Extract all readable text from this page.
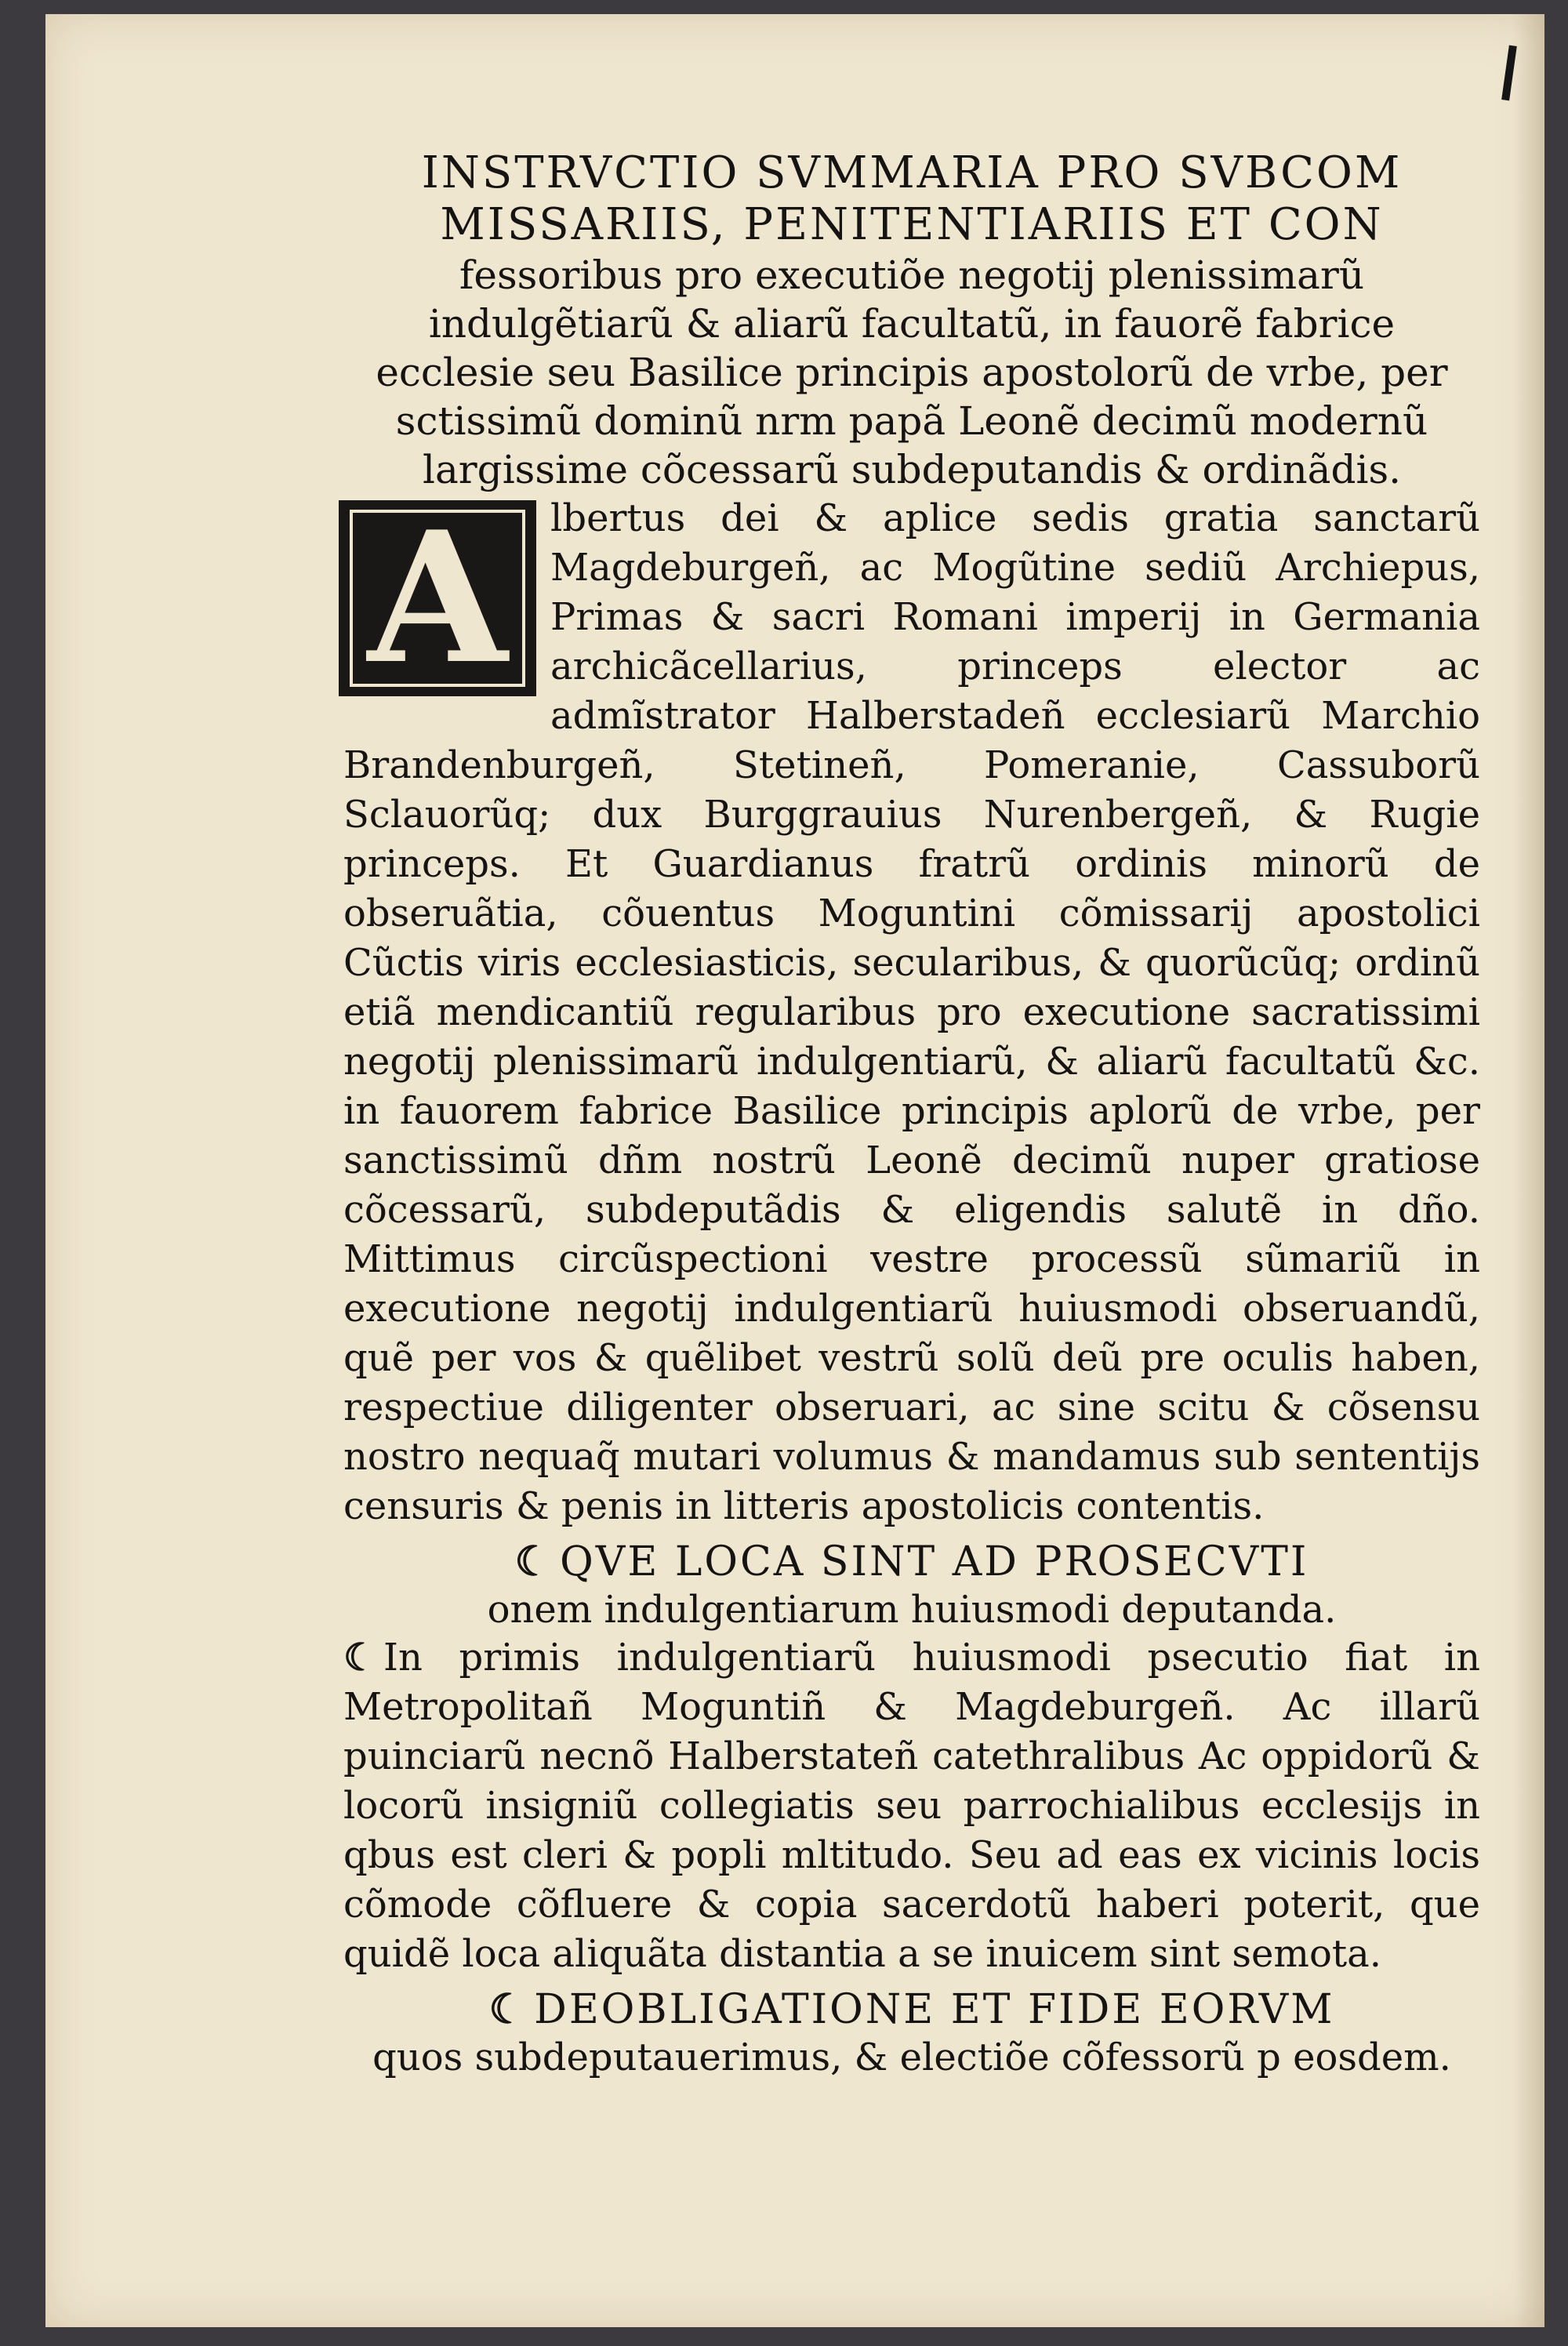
INSTRVCTIO SVMMARIA PRO SVBCOM
MISSARIIS, PENITENTIARIIS ET CON

fessoribus pro executiõe negotij plenissimarũ indulgẽtiarũ & aliarũ facultatũ, in fauorẽ fabrice ecclesie seu Basilice principis apostolorũ de vrbe, per sctissimũ dominũ nrm papã Leonẽ decimũ modernũ largissime cõcessarũ subdeputandis & ordinãdis.

A	lbertus dei & aplice sedis gratia sanctarũ Magdeburgeñ, ac Mogũtine sediũ Archiepus, Primas & sacri Romani imperij in Germania archicãcellarius, princeps elector ac admĩstrator Halberstadeñ ecclesiarũ Marchio Brandenburgeñ, Stetineñ, Pomeranie, Cassuborũ Sclauorũq; dux Burggrauius Nurenbergeñ, & Rugie princeps. Et Guardianus fratrũ ordinis minorũ de obseruãtia, cõuentus Moguntini cõmissarij apostolici Cũctis viris ecclesiasticis, secularibus, & quorũcũq; ordinũ etiã mendicantiũ regularibus pro executione sacratissimi negotij plenissimarũ indulgentiarũ, & aliarũ facultatũ &c. in fauorem fabrice Basilice principis aplorũ de vrbe, per sanctissimũ dñm nostrũ Leonẽ decimũ nuper gratiose cõcessarũ, subdeputãdis & eligendis salutẽ in dño. Mittimus circũspectioni vestre processũ sũmariũ in executione negotij indulgentiarũ huiusmodi obseruandũ, quẽ per vos & quẽlibet vestrũ solũ deũ pre oculis haben, respectiue diligenter obseruari, ac sine scitu & cõsensu nostro nequaq̃ mutari volumus & mandamus sub sententijs censuris & penis in litteris apostolicis contentis.

☾ QVE LOCA SINT AD PROSECVTI

onem indulgentiarum huiusmodi deputanda.

☾ In primis indulgentiarũ huiusmodi psecutio fiat in Metropolitañ Moguntiñ & Magdeburgeñ. Ac illarũ puinciarũ necnõ Halberstateñ catethralibus Ac oppidorũ & locorũ insigniũ collegiatis seu parrochialibus ecclesijs in qbus est cleri & popli mltitudo. Seu ad eas ex vicinis locis cõmode cõfluere & copia sacerdotũ haberi poterit, que quidẽ loca aliquãta distantia a se inuicem sint semota.

☾ DEOBLIGATIONE ET FIDE EORVM

quos subdeputauerimus, & electiõe cõfessorũ p eosdem.
